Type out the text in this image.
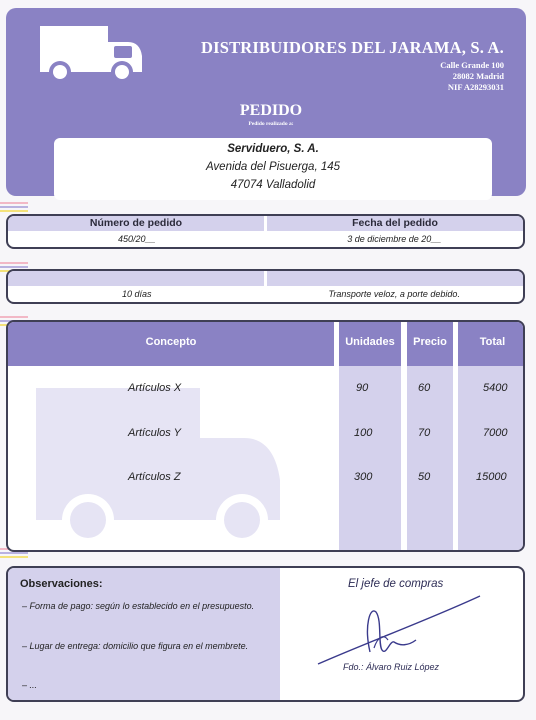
DISTRIBUIDORES DEL JARAMA, S. A.
Calle Grande 100
28082 Madrid
NIF A28293031
PEDIDO
Pedido realizado a:
Serviduero, S. A.
Avenida del Pisuerga, 145
47074 Valladolid
Número de pedido	Fecha del pedido
450/20__	3 de diciembre de 20__
10 días	Transporte veloz, a porte debido.
Concepto	Unidades	Precio	Total
Artículos X	90	60	5400
Artículos Y	100	70	7000
Artículos Z	300	50	15000
Observaciones:
– Forma de pago: según lo establecido en el presupuesto.
– Lugar de entrega: domicilio que figura en el membrete.
– ...
El jefe de compras
Fdo.: Álvaro Ruiz López
